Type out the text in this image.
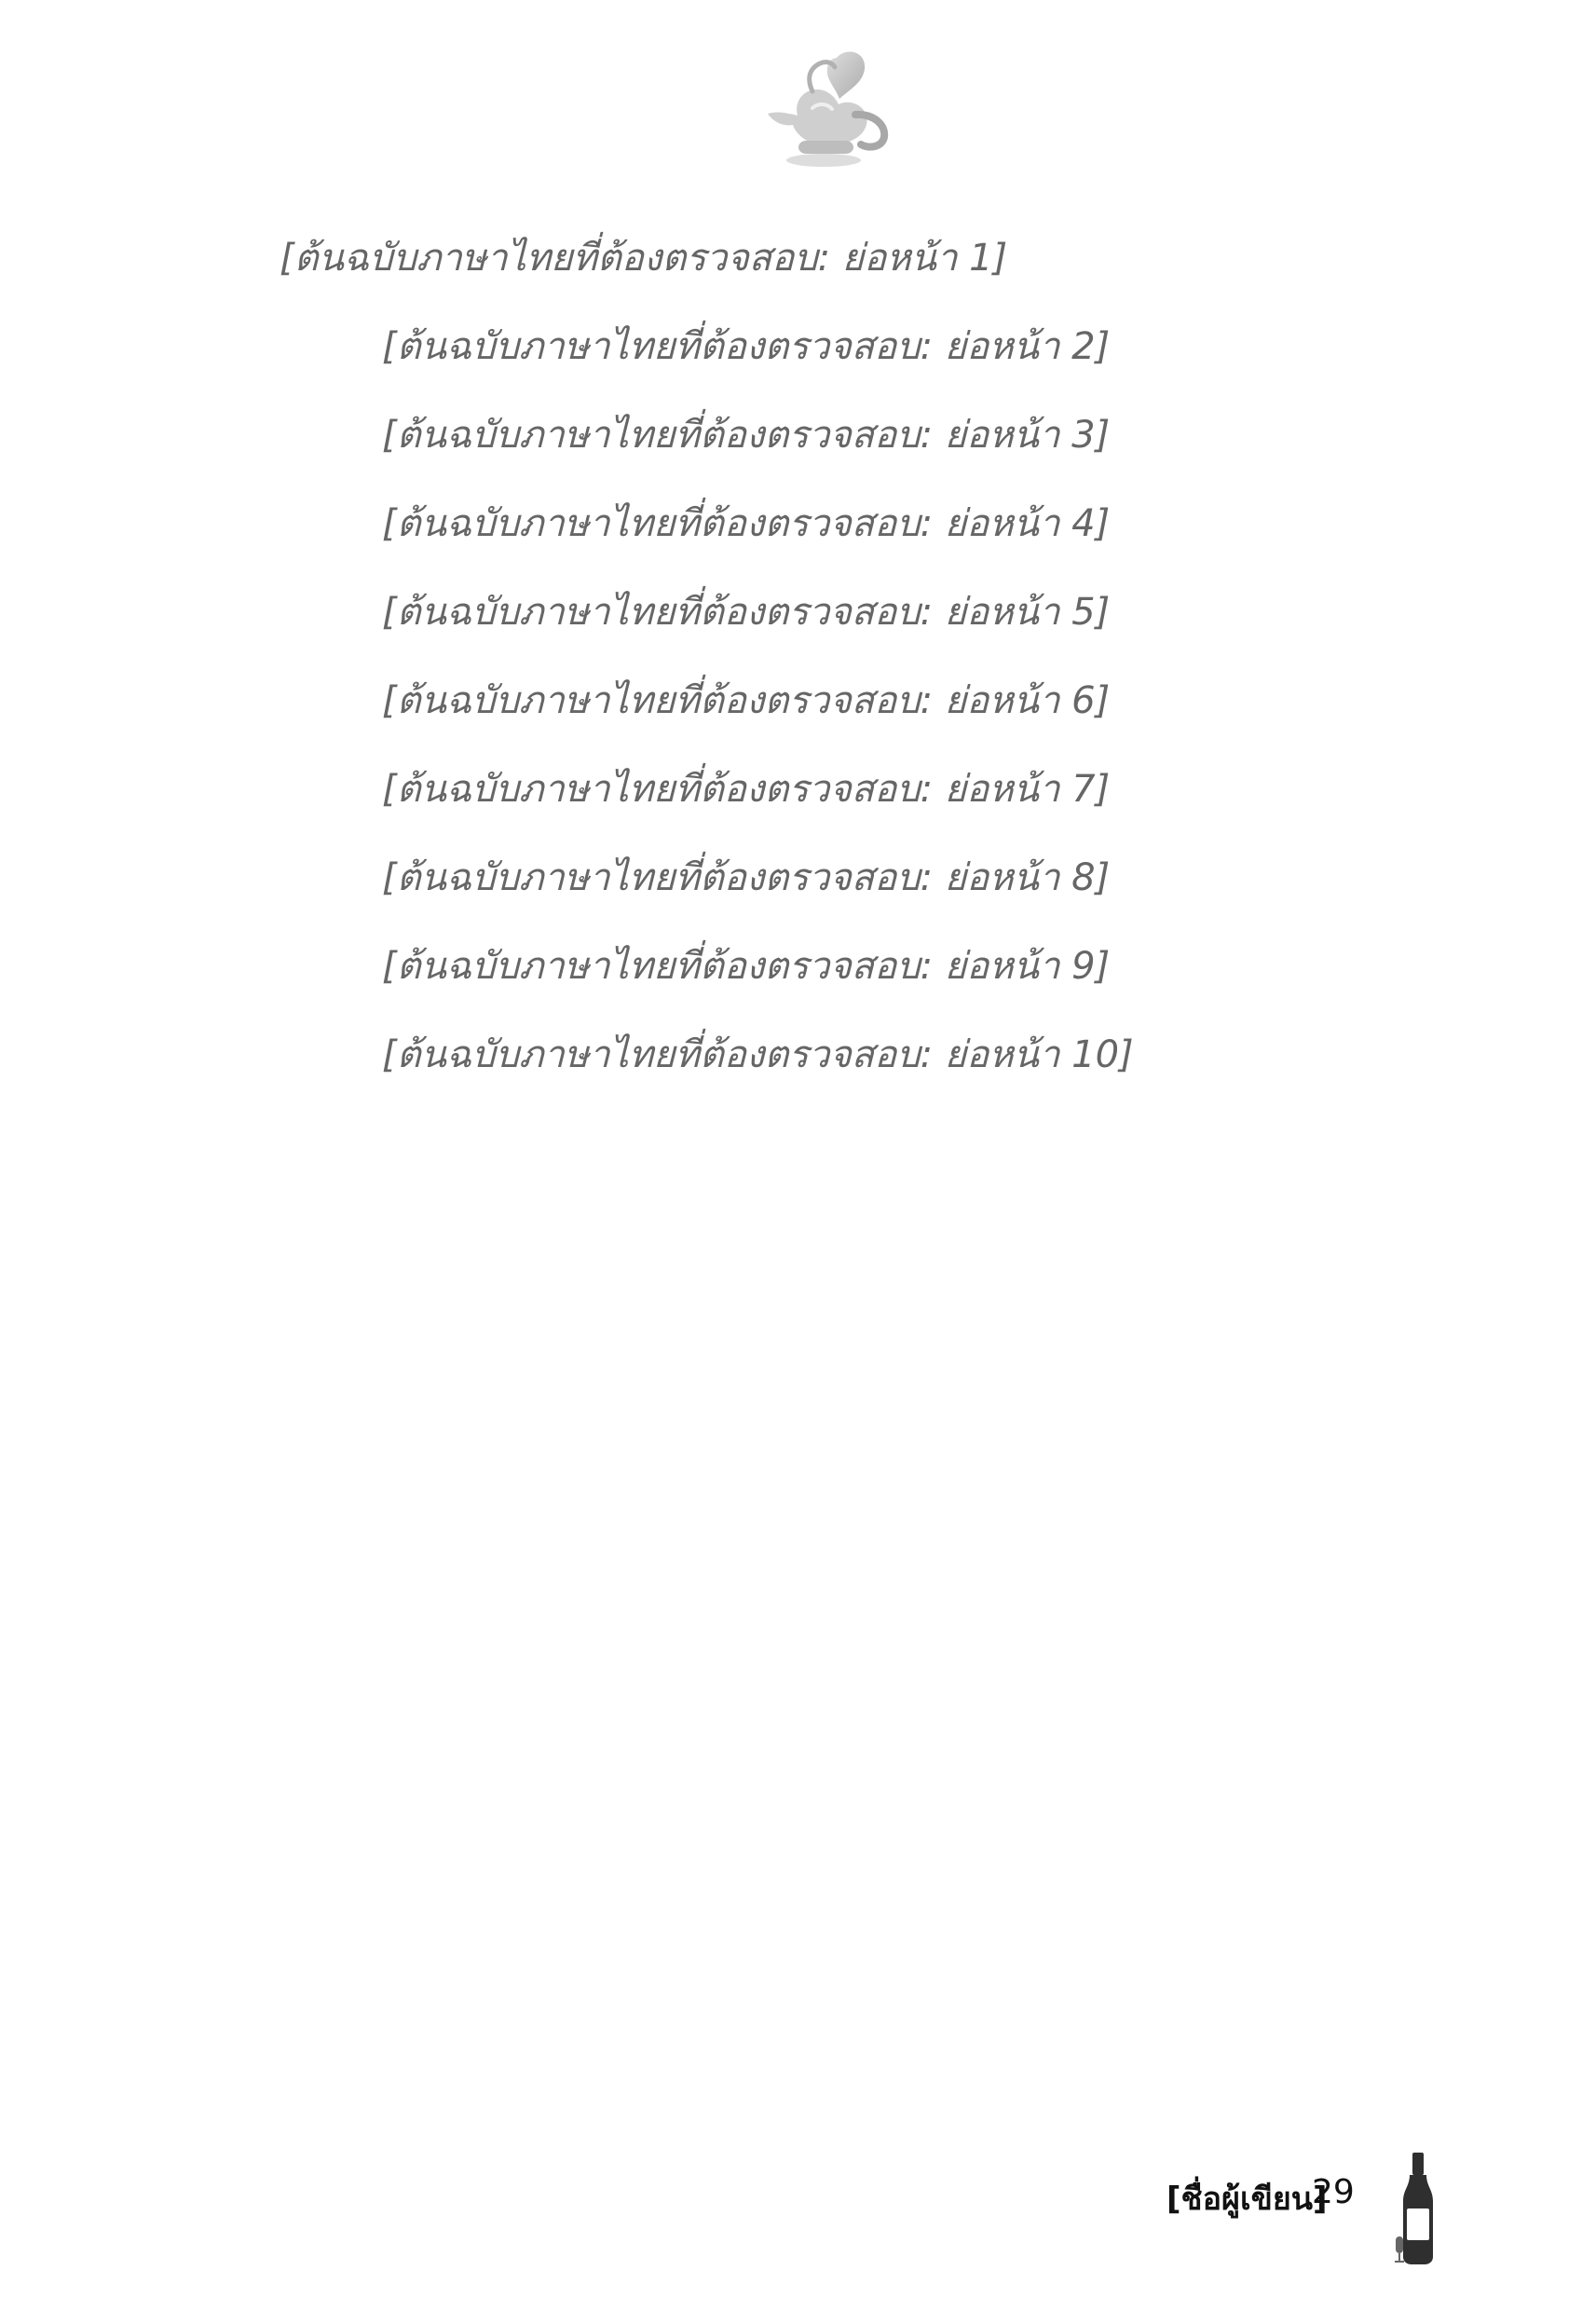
[ต้นฉบับภาษาไทยที่ต้องตรวจสอบ: ย่อหน้า 1]

[ต้นฉบับภาษาไทยที่ต้องตรวจสอบ: ย่อหน้า 2]

[ต้นฉบับภาษาไทยที่ต้องตรวจสอบ: ย่อหน้า 3]

[ต้นฉบับภาษาไทยที่ต้องตรวจสอบ: ย่อหน้า 4]

[ต้นฉบับภาษาไทยที่ต้องตรวจสอบ: ย่อหน้า 5]

[ต้นฉบับภาษาไทยที่ต้องตรวจสอบ: ย่อหน้า 6]

[ต้นฉบับภาษาไทยที่ต้องตรวจสอบ: ย่อหน้า 7]

[ต้นฉบับภาษาไทยที่ต้องตรวจสอบ: ย่อหน้า 8]

[ต้นฉบับภาษาไทยที่ต้องตรวจสอบ: ย่อหน้า 9]

[ต้นฉบับภาษาไทยที่ต้องตรวจสอบ: ย่อหน้า 10]

[ชื่อผู้เขียน]
29
